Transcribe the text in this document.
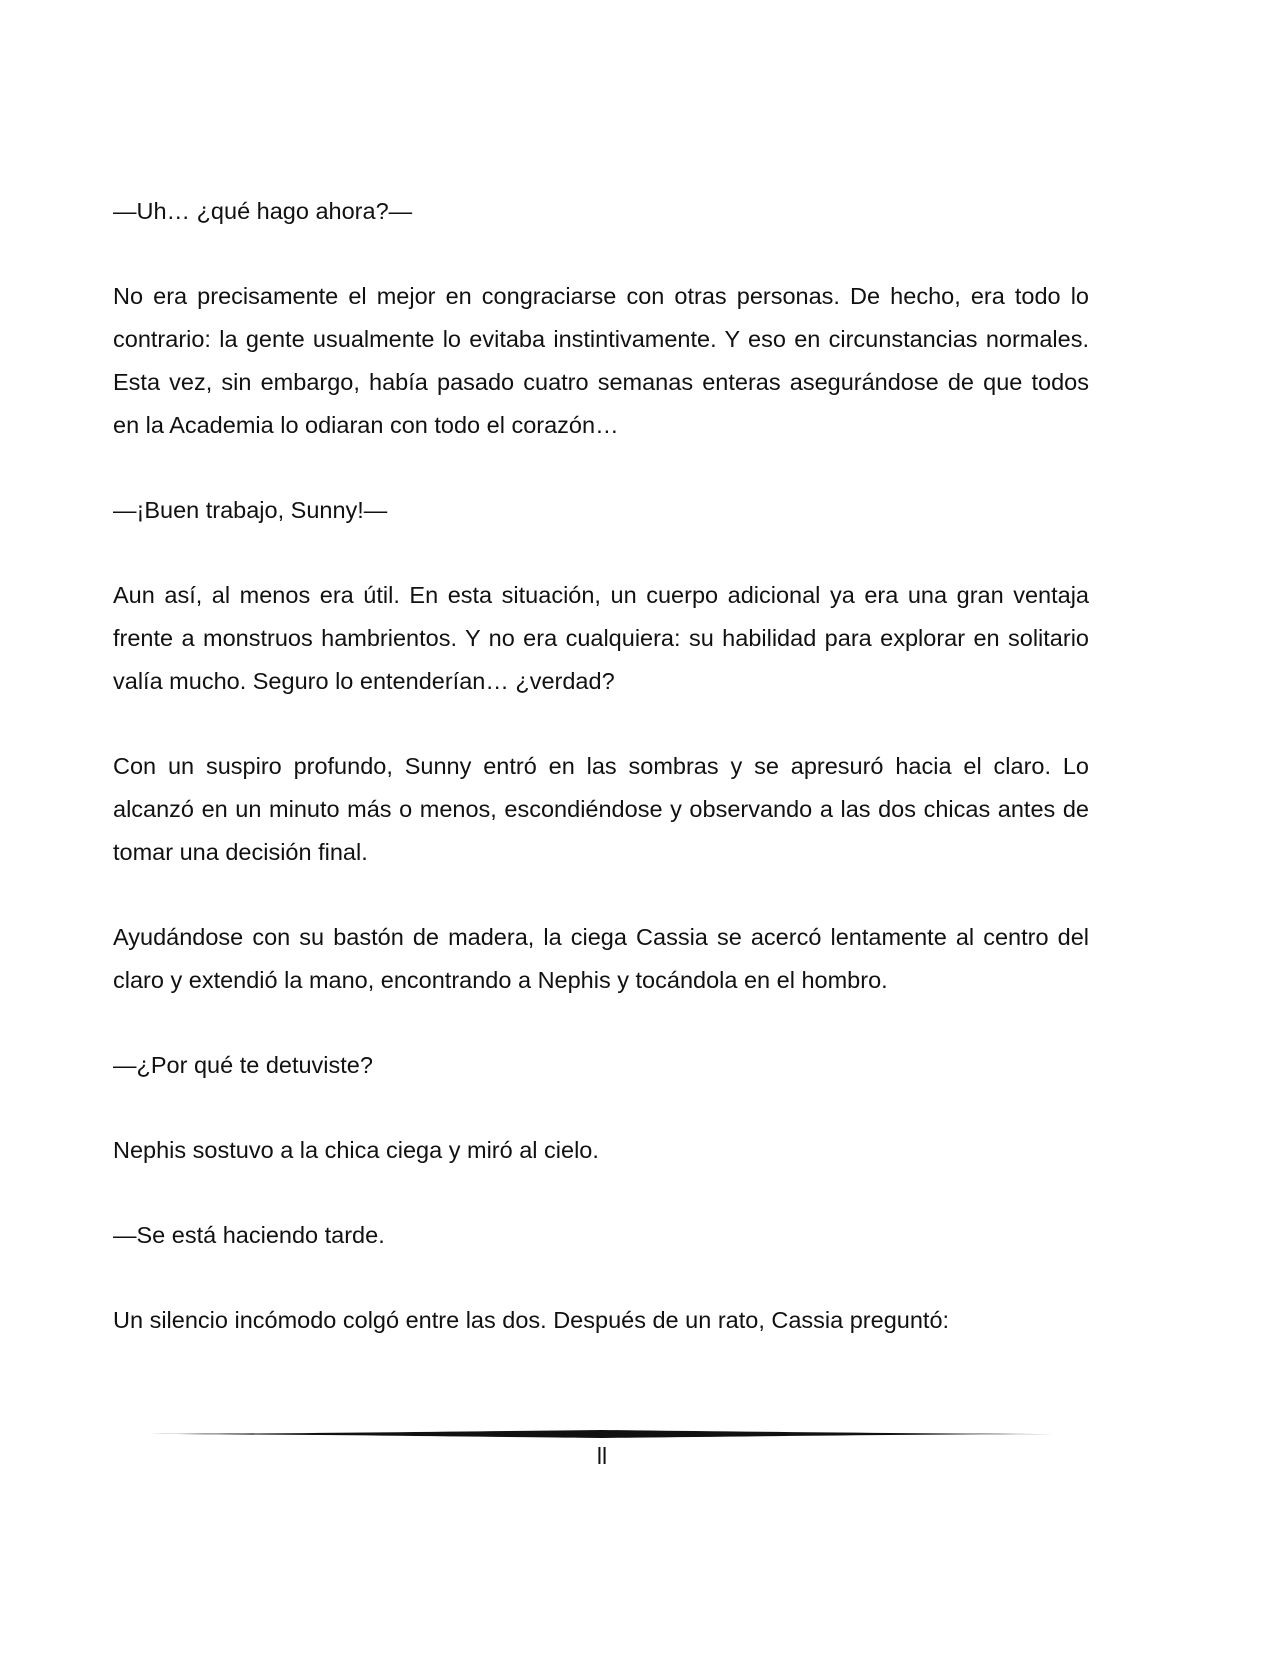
—Uh… ¿qué hago ahora?—

No era precisamente el mejor en congraciarse con otras personas. De hecho, era todo lo contrario: la gente usualmente lo evitaba instintivamente. Y eso en circunstancias normales. Esta vez, sin embargo, había pasado cuatro semanas enteras asegurándose de que todos en la Academia lo odiaran con todo el corazón…

—¡Buen trabajo, Sunny!—

Aun así, al menos era útil. En esta situación, un cuerpo adicional ya era una gran ventaja frente a monstruos hambrientos. Y no era cualquiera: su habilidad para explorar en solitario valía mucho. Seguro lo entenderían… ¿verdad?

Con un suspiro profundo, Sunny entró en las sombras y se apresuró hacia el claro. Lo alcanzó en un minuto más o menos, escondiéndose y observando a las dos chicas antes de tomar una decisión final.

Ayudándose con su bastón de madera, la ciega Cassia se acercó lentamente al centro del claro y extendió la mano, encontrando a Nephis y tocándola en el hombro.

—¿Por qué te detuviste?

Nephis sostuvo a la chica ciega y miró al cielo.

—Se está haciendo tarde.

Un silencio incómodo colgó entre las dos. Después de un rato, Cassia preguntó:

ll
